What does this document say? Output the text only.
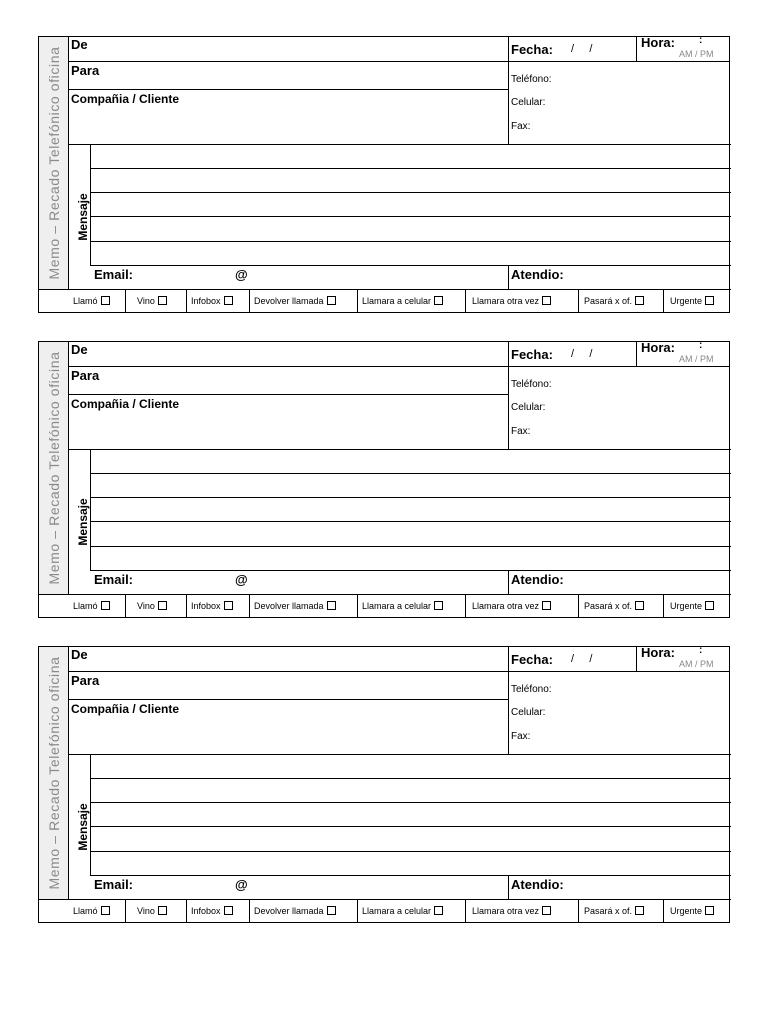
Memo – Recado Telefónico oficina
De
Para
Compañia / Cliente
Fecha: /     /	Hora: :
AM / PM
Teléfono:
Celular:
Fax:
Mensaje
Email:	@	Atendio:
Llamó	Vino	Infobox	Devolver llamada	Llamara a celular	Llamara otra vez	Pasará x of.	Urgente
Memo – Recado Telefónico oficina
De
Para
Compañia / Cliente
Fecha: /     /	Hora: :
AM / PM
Teléfono:
Celular:
Fax:
Mensaje
Email:	@	Atendio:
Llamó	Vino	Infobox	Devolver llamada	Llamara a celular	Llamara otra vez	Pasará x of.	Urgente
Memo – Recado Telefónico oficina
De
Para
Compañia / Cliente
Fecha: /     /	Hora: :
AM / PM
Teléfono:
Celular:
Fax:
Mensaje
Email:	@	Atendio:
Llamó	Vino	Infobox	Devolver llamada	Llamara a celular	Llamara otra vez	Pasará x of.	Urgente
